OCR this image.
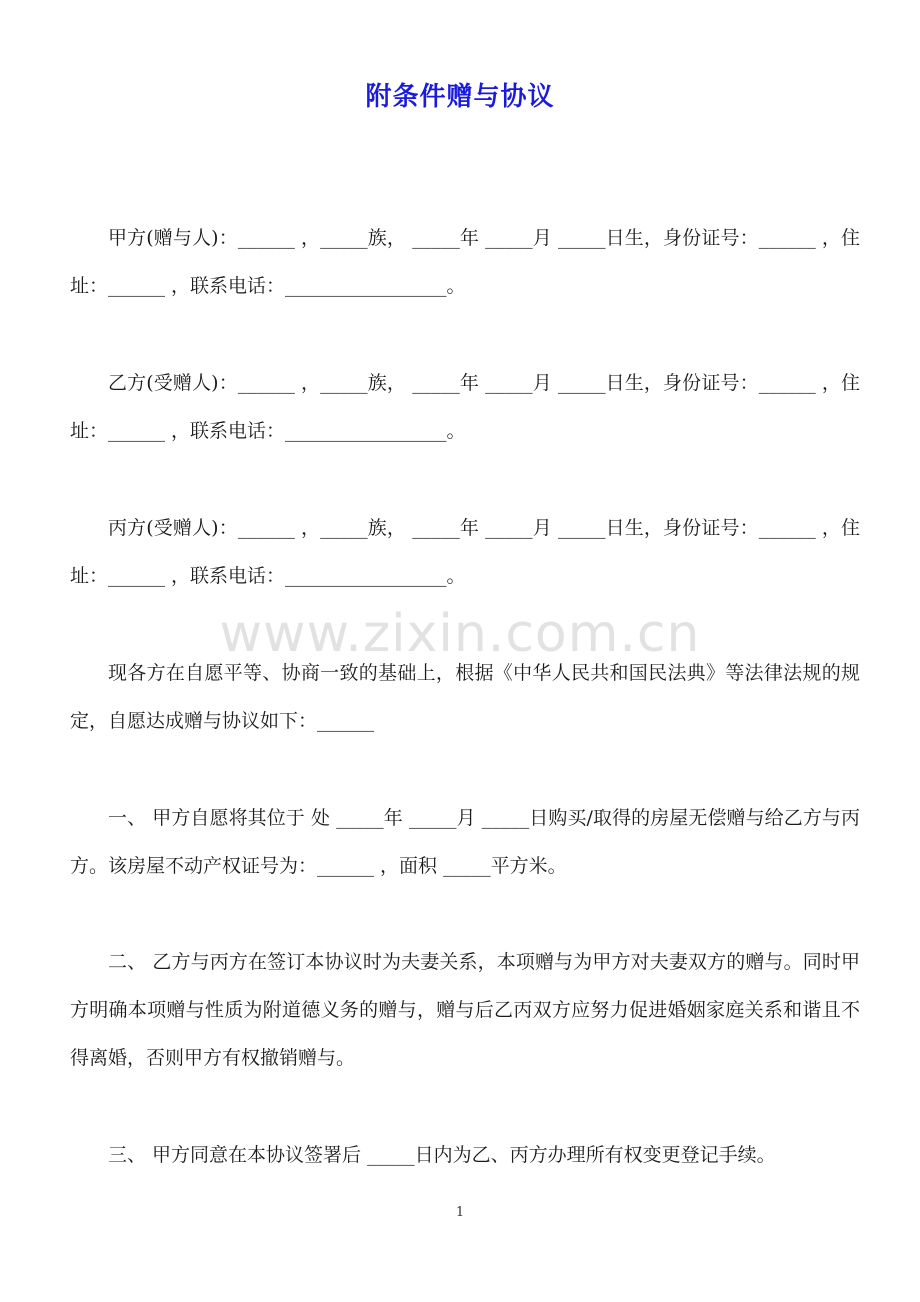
www.zixin.com.cn
附条件赠与协议

甲方(赠与人)：______ ，_____族， _____年 _____月 _____日生，身份证号：______ ，住址：______ ，联系电话：_________________。

乙方(受赠人)：______ ，_____族， _____年 _____月 _____日生，身份证号：______ ，住址：______ ，联系电话：_________________。

丙方(受赠人)：______ ，_____族， _____年 _____月 _____日生，身份证号：______ ，住址：______ ，联系电话：_________________。

现各方在自愿平等、协商一致的基础上，根据《中华人民共和国民法典》等法律法规的规定，自愿达成赠与协议如下：______

一、 甲方自愿将其位于 处 _____年 _____月 _____日购买/取得的房屋无偿赠与给乙方与丙方。该房屋不动产权证号为：______ ，面积 _____平方米。

二、 乙方与丙方在签订本协议时为夫妻关系，本项赠与为甲方对夫妻双方的赠与。同时甲方明确本项赠与性质为附道德义务的赠与，赠与后乙丙双方应努力促进婚姻家庭关系和谐且不得离婚，否则甲方有权撤销赠与。

三、 甲方同意在本协议签署后 _____日内为乙、丙方办理所有权变更登记手续。

1
